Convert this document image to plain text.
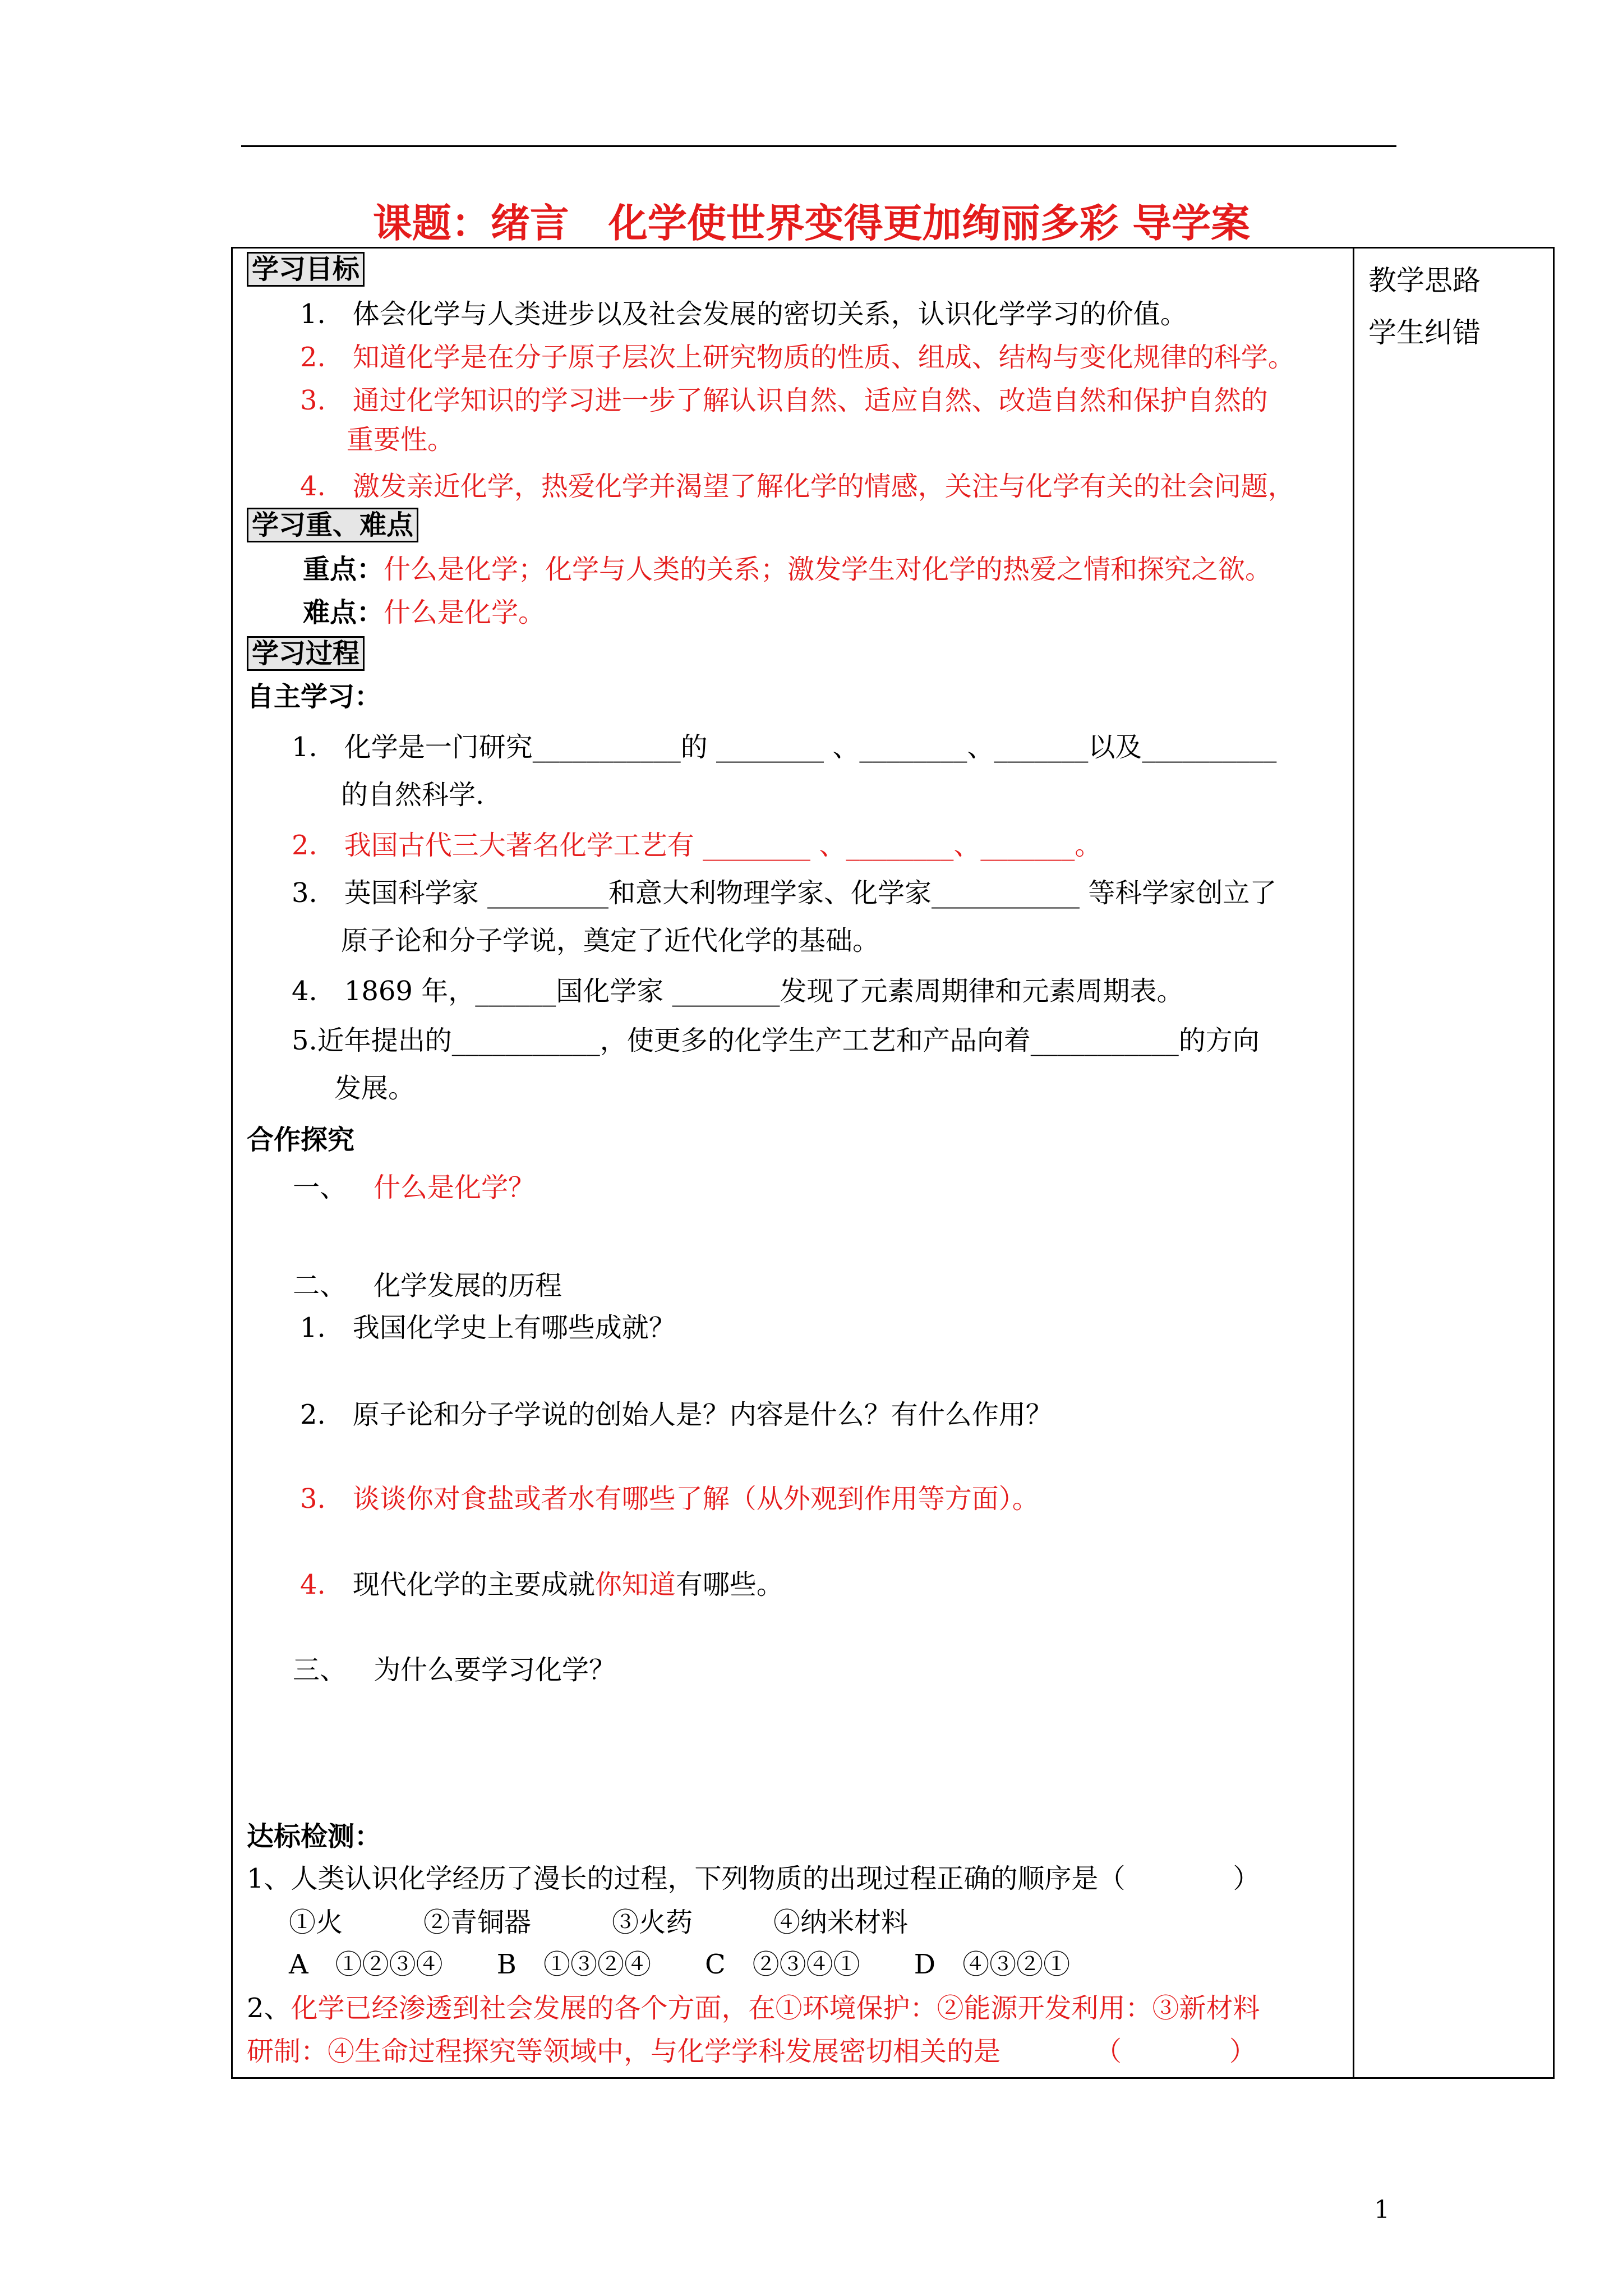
课题：绪言　化学使世界变得更加绚丽多彩 导学案
教学思路
学生纠错
学习目标
1.　体会化学与人类进步以及社会发展的密切关系，认识化学学习的价值。
2.　知道化学是在分子原子层次上研究物质的性质、组成、结构与变化规律的科学。
3.　通过化学知识的学习进一步了解认识自然、适应自然、改造自然和保护自然的
重要性。
4.　激发亲近化学，热爱化学并渴望了解化学的情感，关注与化学有关的社会问题，
学习重、难点
重点：什么是化学；化学与人类的关系；激发学生对化学的热爱之情和探究之欲。
难点：什么是化学。
学习过程
自主学习：
1.　化学是一门研究___________的 ________ 、________、_______以及__________
的自然科学.
2.　我国古代三大著名化学工艺有 ________ 、________、_______。
3.　英国科学家 _________和意大利物理学家、化学家___________ 等科学家创立了
原子论和分子学说，奠定了近代化学的基础。
4.　1869 年，______国化学家 ________发现了元素周期律和元素周期表。
5.近年提出的___________，使更多的化学生产工艺和产品向着___________的方向
发展。
合作探究
一、 什么是化学？
二、 化学发展的历程
1.　我国化学史上有哪些成就？
2.　原子论和分子学说的创始人是？内容是什么？有什么作用？
3.　谈谈你对食盐或者水有哪些了解（从外观到作用等方面）。
4.　 现代化学的主要成就你知道有哪些。
三、 为什么要学习化学？
达标检测：
1、人类认识化学经历了漫长的过程，下列物质的出现过程正确的顺序是（　　　　）
①火　　　②青铜器　　　③火药　　　④纳米材料
A　①②③④　　B　①③②④　　C　②③④①　　D　④③②①
2、化学已经渗透到社会发展的各个方面，在①环境保护：②能源开发利用：③新材料
研制：④生命过程探究等领域中，与化学学科发展密切相关的是　　　　（　　　　）
1
